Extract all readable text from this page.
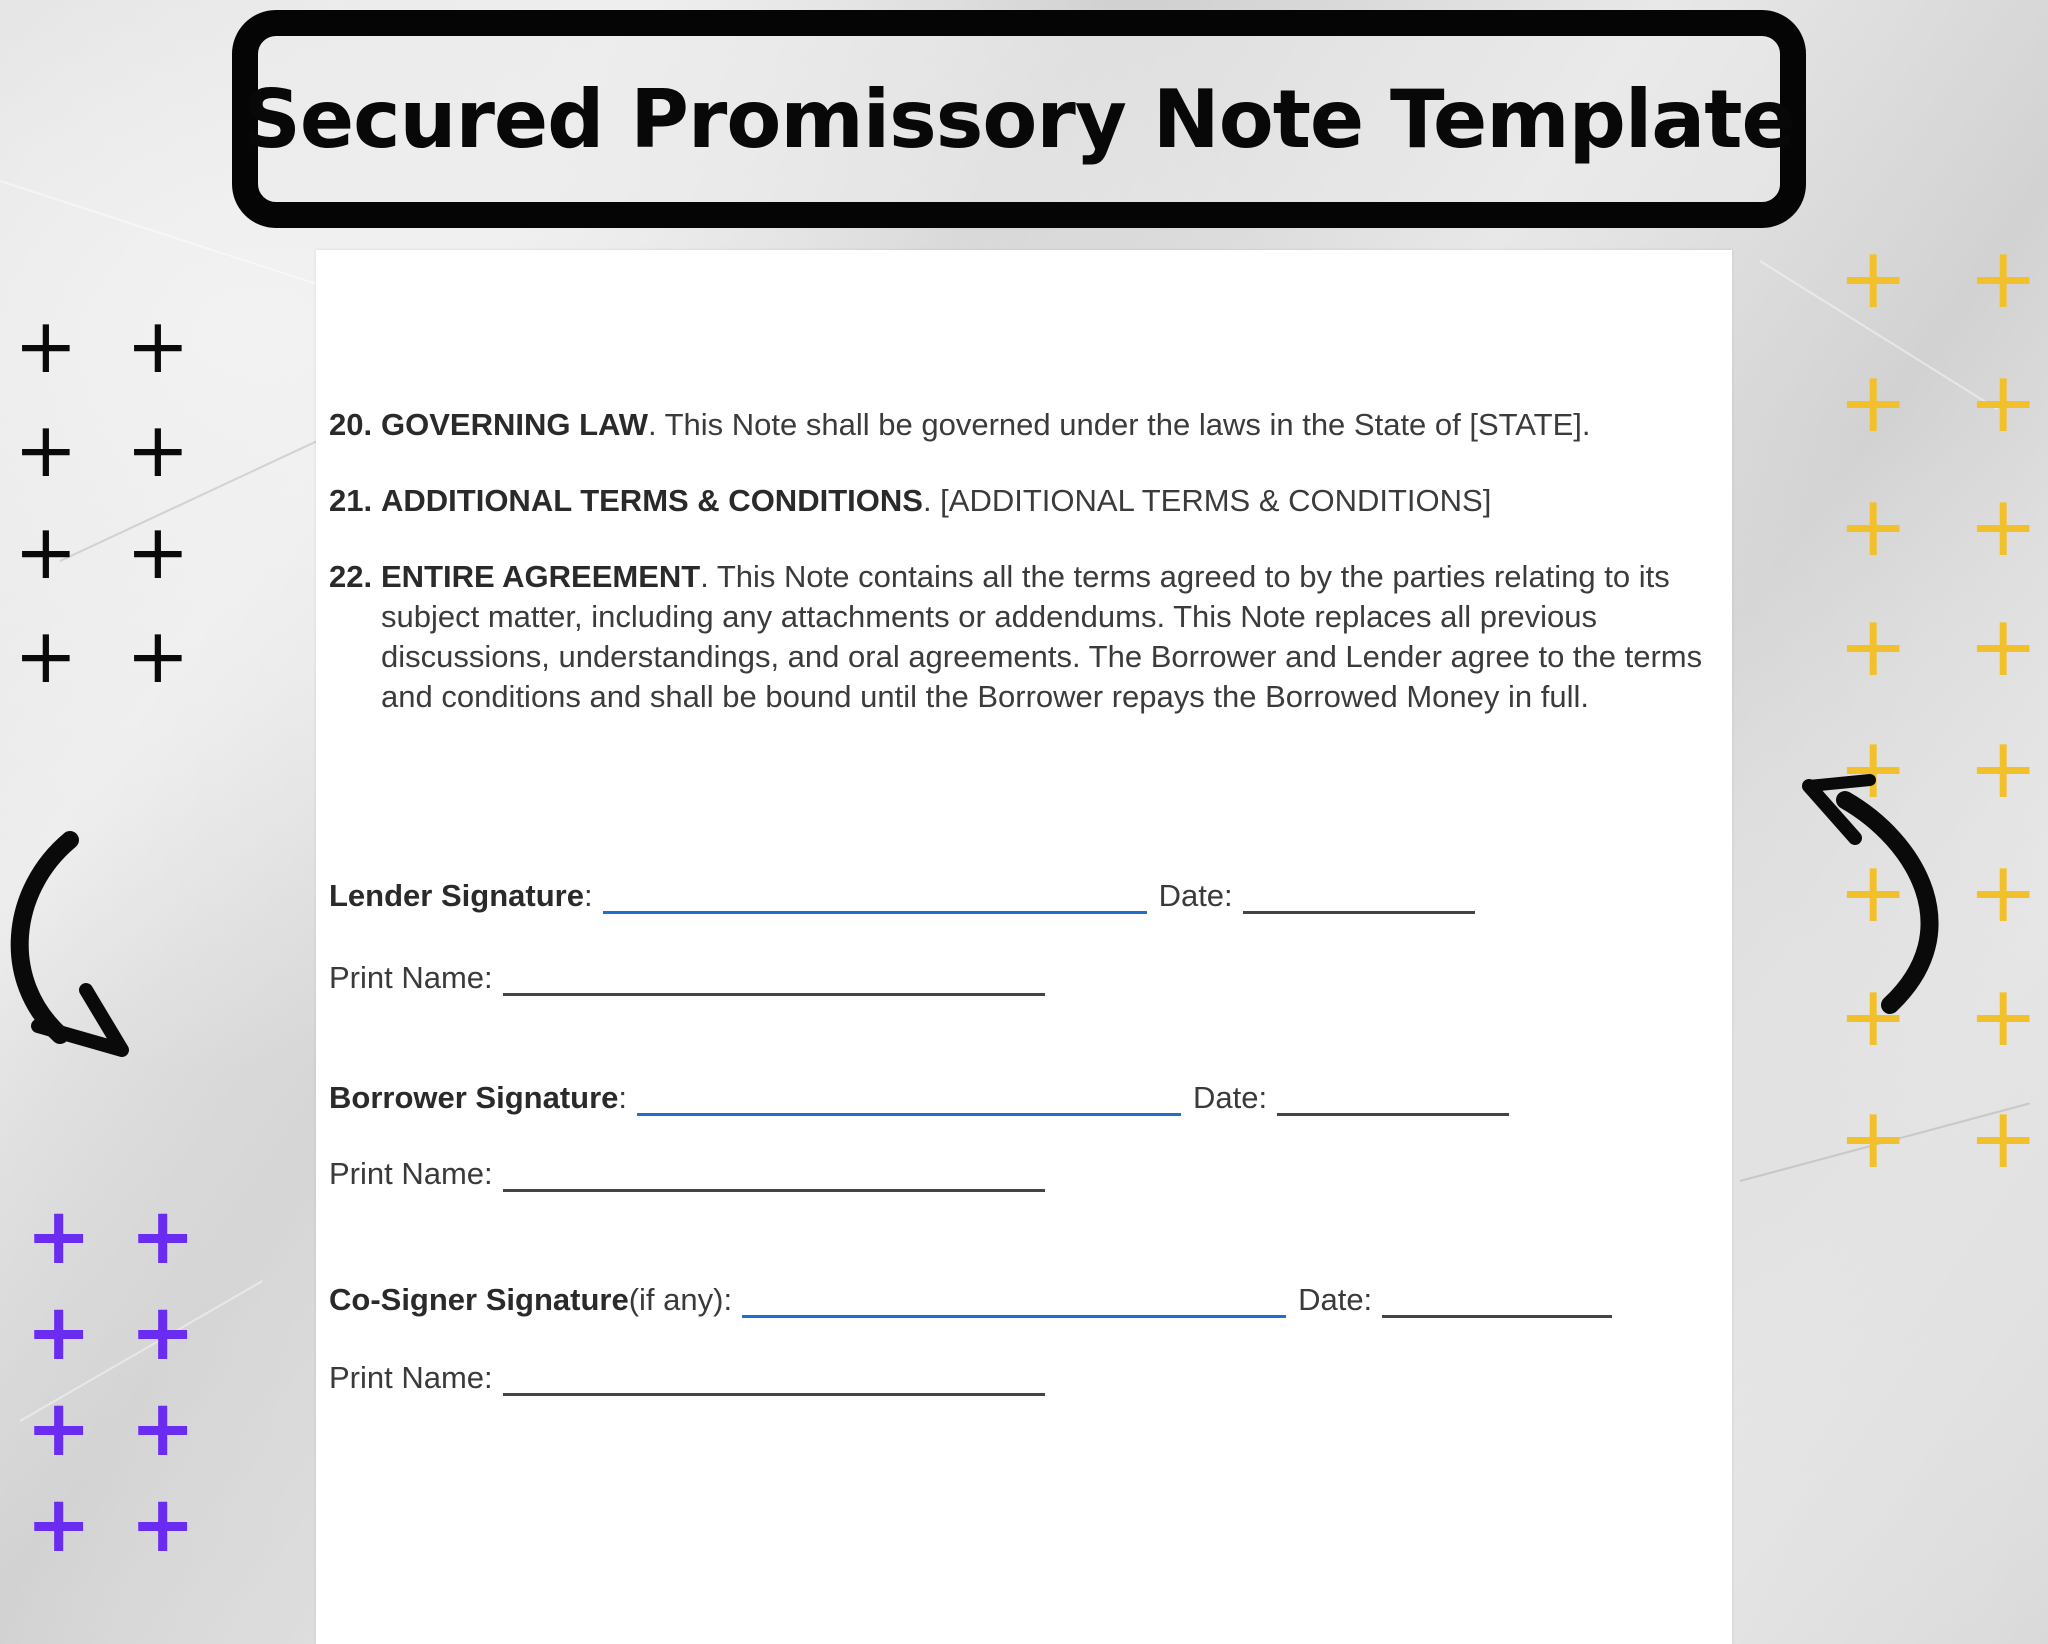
Secured Promissory Note Template
20. GOVERNING LAW. This Note shall be governed under the laws in the State of [STATE].
21. ADDITIONAL TERMS & CONDITIONS. [ADDITIONAL TERMS & CONDITIONS]
22. ENTIRE AGREEMENT. This Note contains all the terms agreed to by the parties relating to its subject matter, including any attachments or addendums. This Note replaces all previous discussions, understandings, and oral agreements. The Borrower and Lender agree to the terms and conditions and shall be bound until the Borrower repays the Borrowed Money in full.
Lender Signature :	Date:
Print Name:
Borrower Signature :	Date:
Print Name:
Co-Signer Signature (if any) :	Date:
Print Name:
+ +
+ +
+ +
+ +
+ +
+ +
+ +
+ +
+ +
+ +
+ +
+ +
+ +
+ +
+ +
+ +
